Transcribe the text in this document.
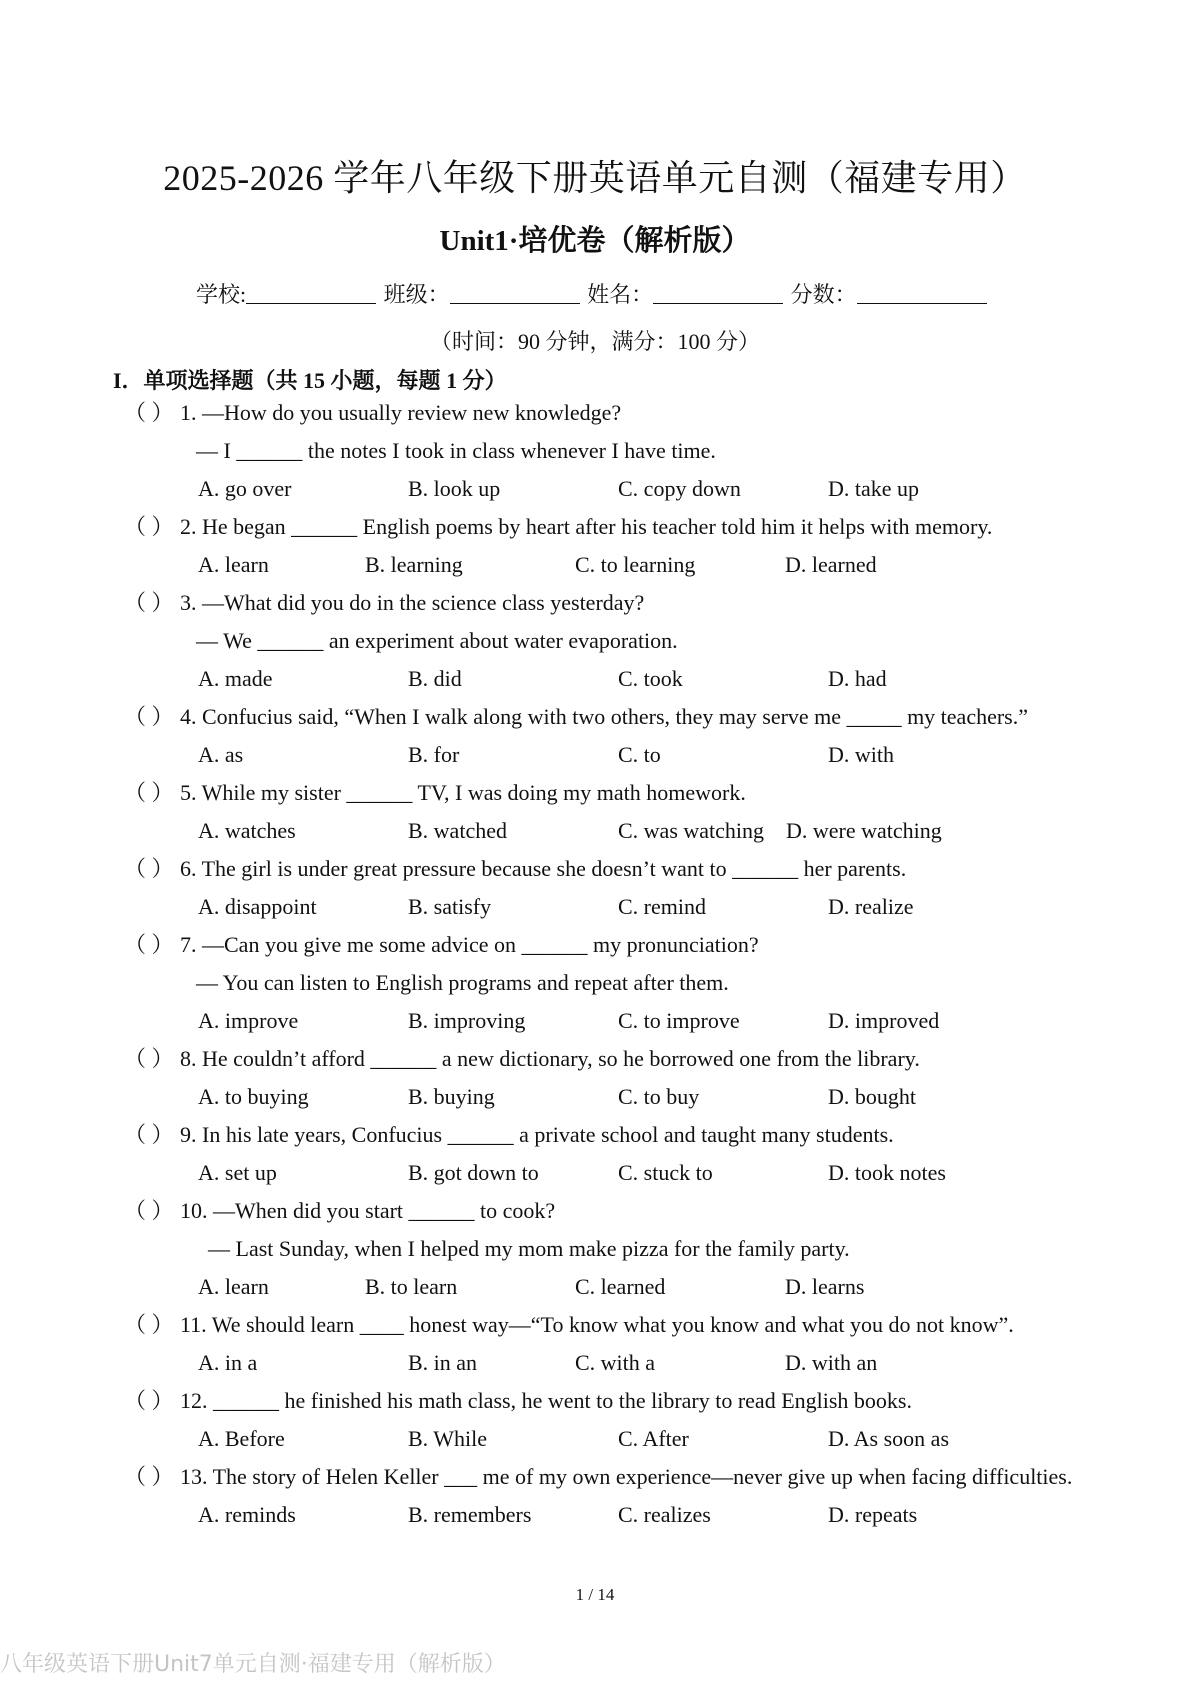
2025-2026 学年八年级下册英语单元自测（福建专用）
Unit1·培优卷（解析版）
学校:	班级：	姓名：	分数：
（时间：90 分钟，满分：100 分）
I．单项选择题（共 15 小题，每题 1 分）
（ ） 1. —How do you usually review new knowledge?
— I ______ the notes I took in class whenever I have time.
A. go over	B. look up	C. copy down	D. take up
（ ） 2. He began ______ English poems by heart after his teacher told him it helps with memory.
A. learn	B. learning	C. to learning	D. learned
（ ） 3. —What did you do in the science class yesterday?
— We ______ an experiment about water evaporation.
A. made	B. did	C. took	D. had
（ ） 4. Confucius said, “When I walk along with two others, they may serve me _____ my teachers.”
A. as	B. for	C. to	D. with
（ ） 5. While my sister ______ TV, I was doing my math homework.
A. watches	B. watched	C. was watching D. were watching
（ ） 6. The girl is under great pressure because she doesn’t want to ______ her parents.
A. disappoint	B. satisfy	C. remind	D. realize
（ ） 7. —Can you give me some advice on ______ my pronunciation?
— You can listen to English programs and repeat after them.
A. improve	B. improving	C. to improve	D. improved
（ ） 8. He couldn’t afford ______ a new dictionary, so he borrowed one from the library.
A. to buying	B. buying	C. to buy	D. bought
（ ） 9. In his late years, Confucius ______ a private school and taught many students.
A. set up	B. got down to	C. stuck to	D. took notes
（ ） 10. —When did you start ______ to cook?
— Last Sunday, when I helped my mom make pizza for the family party.
A. learn	B. to learn	C. learned	D. learns
（ ） 11. We should learn ____ honest way—“To know what you know and what you do not know”.
A. in a	B. in an	C. with a	D. with an
（ ） 12. ______ he finished his math class, he went to the library to read English books.
A. Before	B. While	C. After	D. As soon as
（ ） 13. The story of Helen Keller ___ me of my own experience—never give up when facing difficulties.
A. reminds	B. remembers	C. realizes	D. repeats
1 / 14
八年级英语下册Unit7单元自测·福建专用（解析版）
